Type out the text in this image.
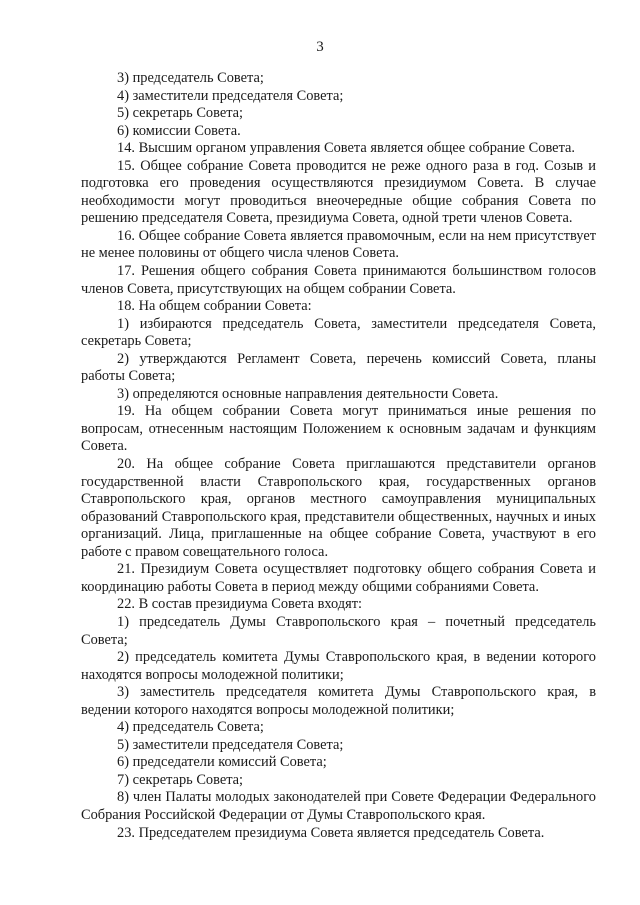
3

3) председатель Совета;

4) заместители председателя Совета;

5) секретарь Совета;

6) комиссии Совета.

14. Высшим органом управления Совета является общее собрание Совета.

15. Общее собрание Совета проводится не реже одного раза в год. Созыв и подготовка его проведения осуществляются президиумом Совета. В случае необходимости могут проводиться внеочередные общие собрания Совета по решению председателя Совета, президиума Совета, одной трети членов Совета.

16. Общее собрание Совета является правомочным, если на нем присутствует не менее половины от общего числа членов Совета.

17. Решения общего собрания Совета принимаются большинством голосов членов Совета, присутствующих на общем собрании Совета.

18. На общем собрании Совета:

1) избираются председатель Совета, заместители председателя Совета, секретарь Совета;

2) утверждаются Регламент Совета, перечень комиссий Совета, планы работы Совета;

3) определяются основные направления деятельности Совета.

19. На общем собрании Совета могут приниматься иные решения по вопросам, отнесенным настоящим Положением к основным задачам и функциям Совета.

20. На общее собрание Совета приглашаются представители органов государственной власти Ставропольского края, государственных органов Ставропольского края, органов местного самоуправления муниципальных образований Ставропольского края, представители общественных, научных и иных организаций. Лица, приглашенные на общее собрание Совета, участвуют в его работе с правом совещательного голоса.

21. Президиум Совета осуществляет подготовку общего собрания Совета и координацию работы Совета в период между общими собраниями Совета.

22. В состав президиума Совета входят:

1) председатель Думы Ставропольского края – почетный председатель Совета;

2) председатель комитета Думы Ставропольского края, в ведении которого находятся вопросы молодежной политики;

3) заместитель председателя комитета Думы Ставропольского края, в ведении которого находятся вопросы молодежной политики;

4) председатель Совета;

5) заместители председателя Совета;

6) председатели комиссий Совета;

7) секретарь Совета;

8) член Палаты молодых законодателей при Совете Федерации Федерального Собрания Российской Федерации от Думы Ставропольского края.

23. Председателем президиума Совета является председатель Совета.
